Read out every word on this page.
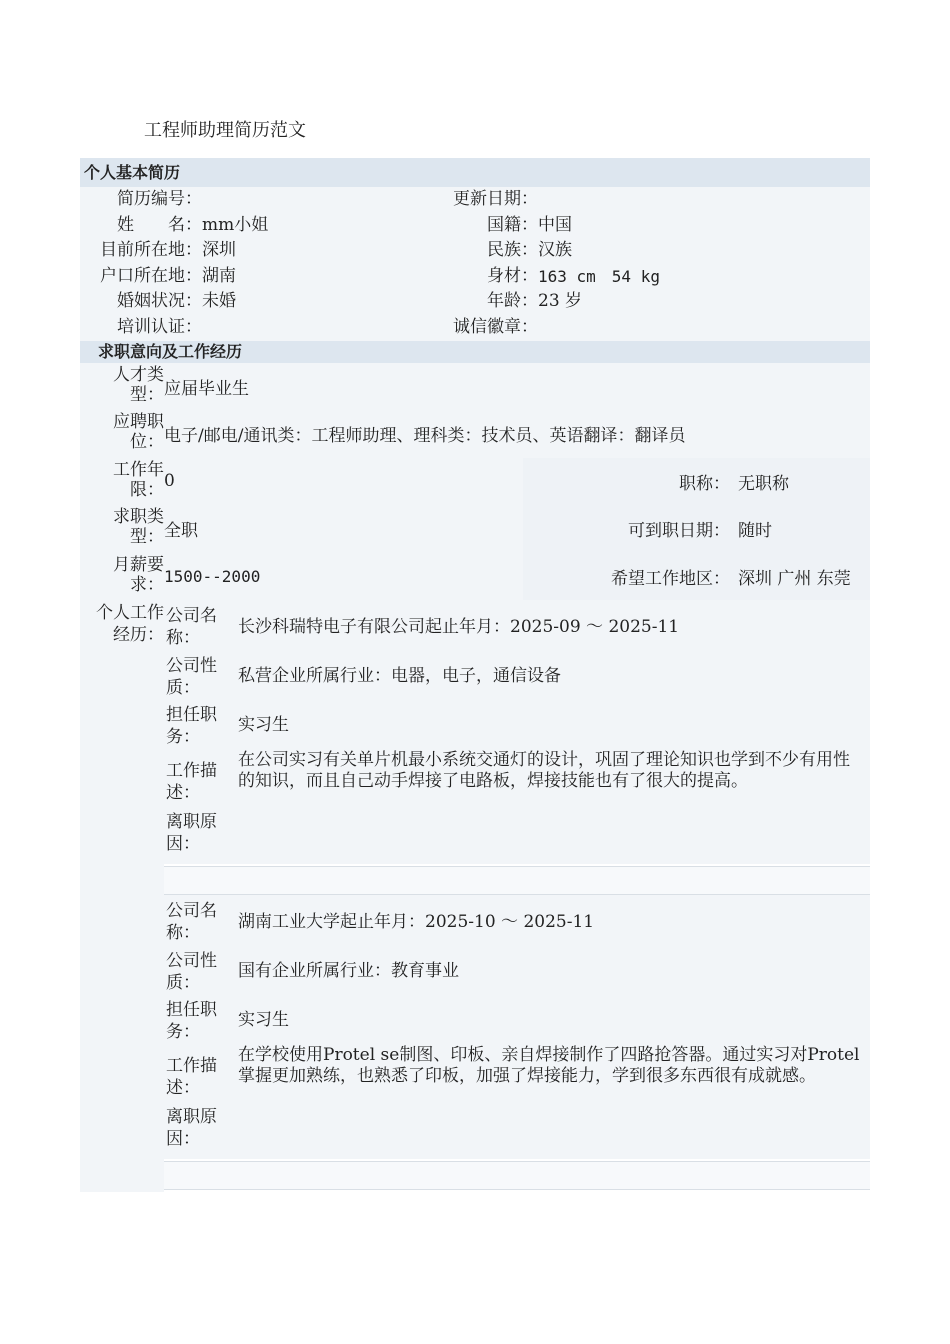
工程师助理简历范文
个人基本简历
简历编号：	更新日期：
姓　　名： mm小姐	国籍： 中国
目前所在地： 深圳	民族： 汉族
户口所在地： 湖南	身材： 163 cm　54 kg
婚姻状况： 未婚	年龄： 23 岁
培训认证：	诚信徽章：
求职意向及工作经历
人才类型： 应届毕业生
应聘职位： 电子/邮电/通讯类：工程师助理、理科类：技术员、英语翻译：翻译员
工作年限： 0	职称： 无职称
求职类型： 全职	可到职日期： 随时
月薪要求： 1500--2000	希望工作地区： 深圳 广州 东莞
个人工作经历：
公司名称：
长沙科瑞特电子有限公司起止年月：2025-09 ～ 2025-11
公司性质：
私营企业所属行业：电器，电子，通信设备
担任职务：
实习生
工作描述：
在公司实习有关单片机最小系统交通灯的设计，巩固了理论知识也学到不少有用性的知识，而且自己动手焊接了电路板，焊接技能也有了很大的提高。
离职原因：
公司名称：
湖南工业大学起止年月：2025-10 ～ 2025-11
公司性质：
国有企业所属行业：教育事业
担任职务：
实习生
工作描述：
在学校使用Protel se制图、印板、亲自焊接制作了四路抢答器。通过实习对Protel掌握更加熟练，也熟悉了印板，加强了焊接能力，学到很多东西很有成就感。
离职原因：
